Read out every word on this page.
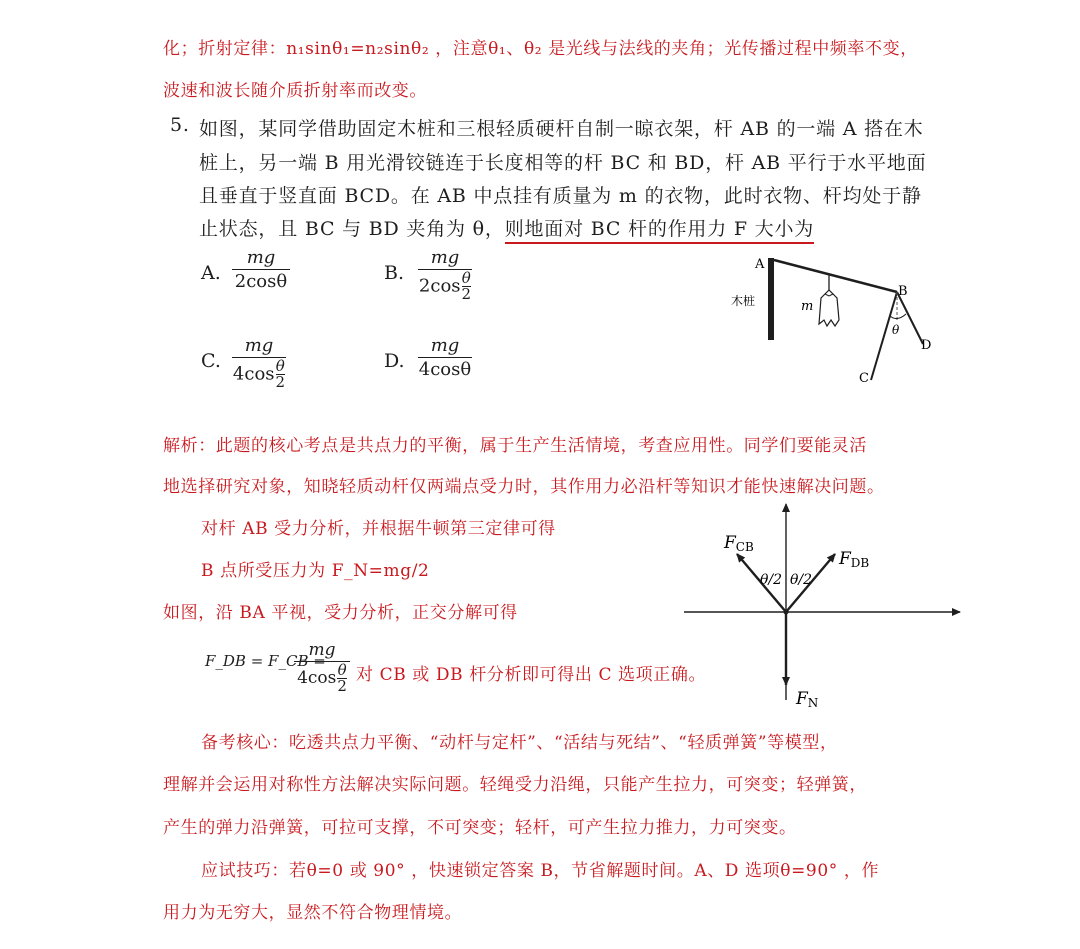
化；折射定律：n₁sinθ₁=n₂sinθ₂ ，注意θ₁、θ₂ 是光线与法线的夹角；光传播过程中频率不变，
波速和波长随介质折射率而改变。
5. 如图，某同学借助固定木桩和三根轻质硬杆自制一晾衣架，杆 AB 的一端 A 搭在木
桩上，另一端 B 用光滑铰链连于长度相等的杆 BC 和 BD，杆 AB 平行于水平地面
且垂直于竖直面 BCD。在 AB 中点挂有质量为 m 的衣物，此时衣物、杆均处于静
止状态，且 BC 与 BD 夹角为 θ，则地面对 BC 杆的作用力 F 大小为
A.
mg
2cosθ	B.
mg
$2\cos\frac{\theta}{2}$
C.
mg
$4\cos\frac{\theta}{2}$	D.
mg
4cosθ
A
B
C
D
m
θ
木桩
解析：此题的核心考点是共点力的平衡，属于生产生活情境，考查应用性。同学们要能灵活
地选择研究对象，知晓轻质动杆仅两端点受力时，其作用力必沿杆等知识才能快速解决问题。
对杆 AB 受力分析，并根据牛顿第三定律可得
B 点所受压力为 F_N=mg/2
如图，沿 BA 平视，受力分析，正交分解可得
F_DB = F_CB =
mg
$4\cos\frac{\theta}{2}$ 对 CB 或 DB 杆分析即可得出 C 选项正确。
FCB
FDB
FN
θ/2 θ/2
备考核心：吃透共点力平衡、“动杆与定杆”、“活结与死结”、“轻质弹簧”等模型，
理解并会运用对称性方法解决实际问题。轻绳受力沿绳，只能产生拉力，可突变；轻弹簧，
产生的弹力沿弹簧，可拉可支撑，不可突变；轻杆，可产生拉力推力，力可突变。
应试技巧：若θ=0 或 90° ，快速锁定答案 B，节省解题时间。A、D 选项θ=90° ，作
用力为无穷大，显然不符合物理情境。
